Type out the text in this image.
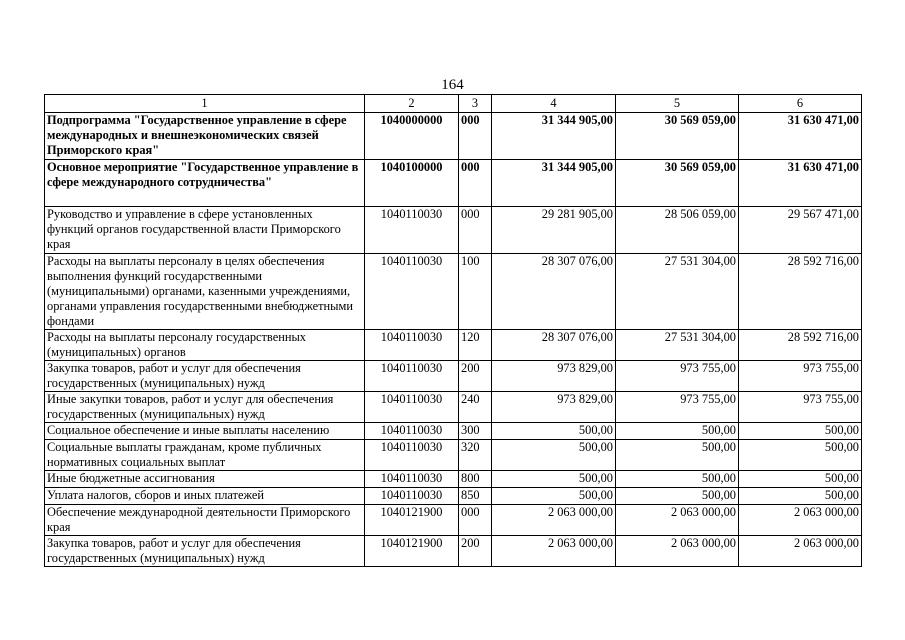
164
1	2	3	4	5	6
Подпрограмма "Государственное управление в сфере международных и внешнеэкономических связей Приморского края"	1040000000	000	31 344 905,00	30 569 059,00	31 630 471,00
Основное мероприятие "Государственное управление в сфере международного сотрудничества"	1040100000	000	31 344 905,00	30 569 059,00	31 630 471,00
Руководство и управление в сфере установленных функций органов государственной власти Приморского края	1040110030	000	29 281 905,00	28 506 059,00	29 567 471,00
Расходы на выплаты персоналу в целях обеспечения выполнения функций государственными (муниципальными) органами, казенными учреждениями, органами управления государственными внебюджетными фондами	1040110030	100	28 307 076,00	27 531 304,00	28 592 716,00
Расходы на выплаты персоналу государственных (муниципальных) органов	1040110030	120	28 307 076,00	27 531 304,00	28 592 716,00
Закупка товаров, работ и услуг для обеспечения государственных (муниципальных) нужд	1040110030	200	973 829,00	973 755,00	973 755,00
Иные закупки товаров, работ и услуг для обеспечения государственных (муниципальных) нужд	1040110030	240	973 829,00	973 755,00	973 755,00
Социальное обеспечение и иные выплаты населению	1040110030	300	500,00	500,00	500,00
Социальные выплаты гражданам, кроме публичных нормативных социальных выплат	1040110030	320	500,00	500,00	500,00
Иные бюджетные ассигнования	1040110030	800	500,00	500,00	500,00
Уплата налогов, сборов и иных платежей	1040110030	850	500,00	500,00	500,00
Обеспечение международной деятельности Приморского края	1040121900	000	2 063 000,00	2 063 000,00	2 063 000,00
Закупка товаров, работ и услуг для обеспечения государственных (муниципальных) нужд	1040121900	200	2 063 000,00	2 063 000,00	2 063 000,00
